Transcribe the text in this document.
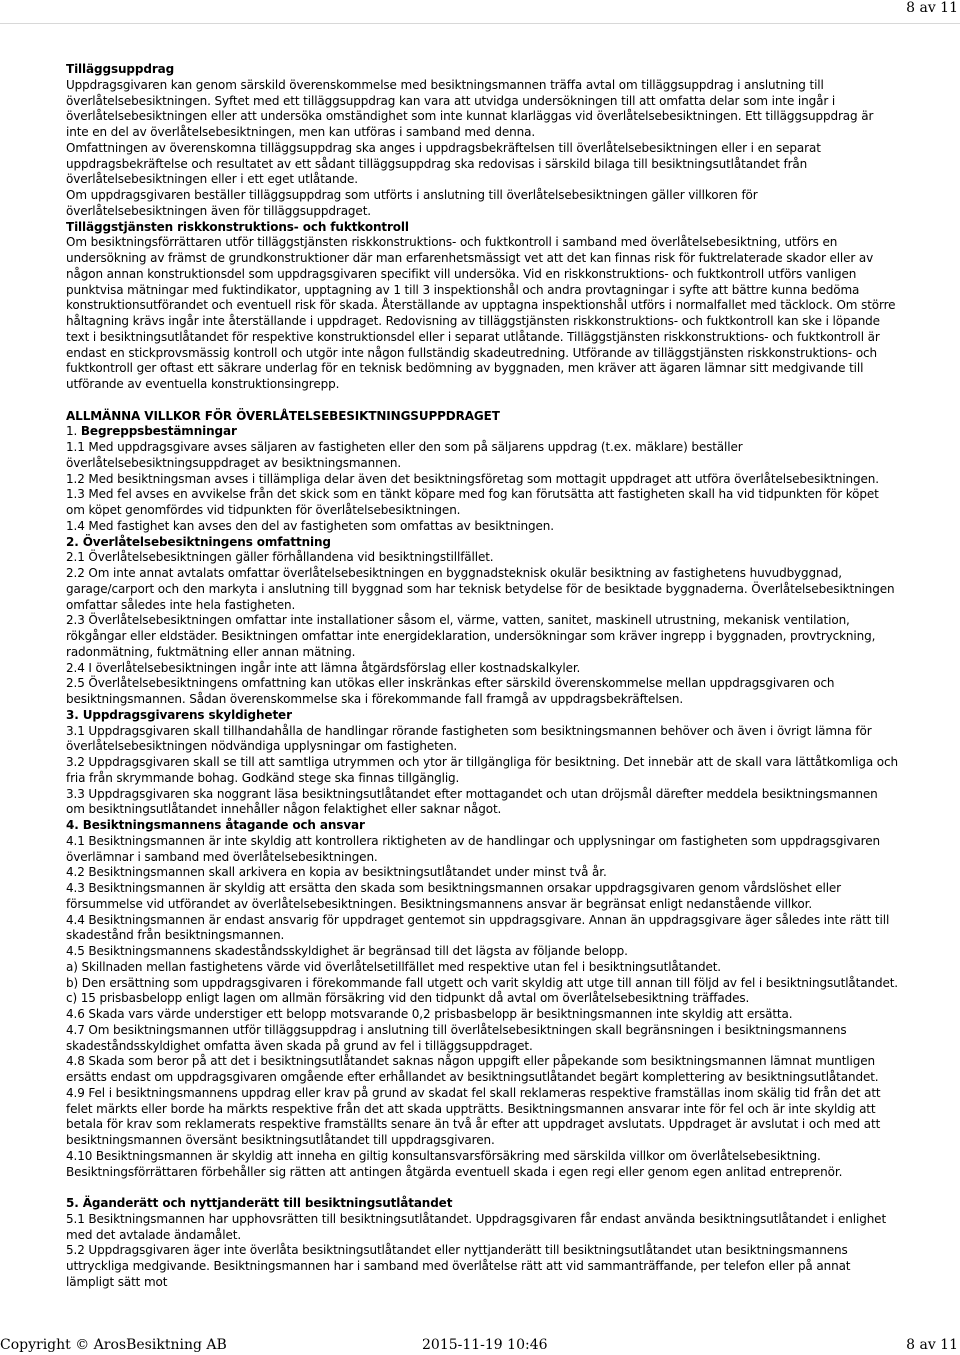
8 av 11

Tilläggsuppdrag

Uppdragsgivaren kan genom särskild överenskommelse med besiktningsmannen träffa avtal om tilläggsuppdrag i anslutning till överlåtelsebesiktningen. Syftet med ett tilläggsuppdrag kan vara att utvidga undersökningen till att omfatta delar som inte ingår i överlåtelsebesiktningen eller att undersöka omständighet som inte kunnat klarläggas vid överlåtelsebesiktningen. Ett tilläggsuppdrag är inte en del av överlåtelsebesiktningen, men kan utföras i samband med denna.

Omfattningen av överenskomna tilläggsuppdrag ska anges i uppdragsbekräftelsen till överlåtelsebesiktningen eller i en separat uppdragsbekräftelse och resultatet av ett sådant tilläggsuppdrag ska redovisas i särskild bilaga till besiktningsutlåtandet från överlåtelsebesiktningen eller i ett eget utlåtande.

Om uppdragsgivaren beställer tilläggsuppdrag som utförts i anslutning till överlåtelsebesiktningen gäller villkoren för överlåtelsebesiktningen även för tilläggsuppdraget.

Tilläggstjänsten riskkonstruktions- och fuktkontroll

Om besiktningsförrättaren utför tilläggstjänsten riskkonstruktions- och fuktkontroll i samband med överlåtelsebesiktning, utförs en undersökning av främst de grundkonstruktioner där man erfarenhetsmässigt vet att det kan finnas risk för fuktrelaterade skador eller av någon annan konstruktionsdel som uppdragsgivaren specifikt vill undersöka. Vid en riskkonstruktions- och fuktkontroll utförs vanligen punktvisa mätningar med fuktindikator, upptagning av 1 till 3 inspektionshål och andra provtagningar i syfte att bättre kunna bedöma konstruktionsutförandet och eventuell risk för skada. Återställande av upptagna inspektionshål utförs i normalfallet med täcklock. Om större håltagning krävs ingår inte återställande i uppdraget. Redovisning av tilläggstjänsten riskkonstruktions- och fuktkontroll kan ske i löpande text i besiktningsutlåtandet för respektive konstruktionsdel eller i separat utlåtande. Tilläggstjänsten riskkonstruktions- och fuktkontroll är endast en stickprovsmässig kontroll och utgör inte någon fullständig skadeutredning. Utförande av tilläggstjänsten riskkonstruktions- och fuktkontroll ger oftast ett säkrare underlag för en teknisk bedömning av byggnaden, men kräver att ägaren lämnar sitt medgivande till utförande av eventuella konstruktionsingrepp.

ALLMÄNNA VILLKOR FÖR ÖVERLÅTELSEBESIKTNINGSUPPDRAGET

1. Begreppsbestämningar

1.1 Med uppdragsgivare avses säljaren av fastigheten eller den som på säljarens uppdrag (t.ex. mäklare) beställer överlåtelsebesiktningsuppdraget av besiktningsmannen.

1.2 Med besiktningsman avses i tillämpliga delar även det besiktningsföretag som mottagit uppdraget att utföra överlåtelsebesiktningen.

1.3 Med fel avses en avvikelse från det skick som en tänkt köpare med fog kan förutsätta att fastigheten skall ha vid tidpunkten för köpet om köpet genomfördes vid tidpunkten för överlåtelsebesiktningen.

1.4 Med fastighet kan avses den del av fastigheten som omfattas av besiktningen.

2. Överlåtelsebesiktningens omfattning

2.1 Överlåtelsebesiktningen gäller förhållandena vid besiktningstillfället.

2.2 Om inte annat avtalats omfattar överlåtelsebesiktningen en byggnadsteknisk okulär besiktning av fastighetens huvudbyggnad, garage/carport och den markyta i anslutning till byggnad som har teknisk betydelse för de besiktade byggnaderna. Överlåtelsebesiktningen omfattar således inte hela fastigheten.

2.3 Överlåtelsebesiktningen omfattar inte installationer såsom el, värme, vatten, sanitet, maskinell utrustning, mekanisk ventilation, rökgångar eller eldstäder. Besiktningen omfattar inte energideklaration, undersökningar som kräver ingrepp i byggnaden, provtryckning, radonmätning, fuktmätning eller annan mätning.

2.4 I överlåtelsebesiktningen ingår inte att lämna åtgärdsförslag eller kostnadskalkyler.

2.5 Överlåtelsebesiktningens omfattning kan utökas eller inskränkas efter särskild överenskommelse mellan uppdragsgivaren och besiktningsmannen. Sådan överenskommelse ska i förekommande fall framgå av uppdragsbekräftelsen.

3. Uppdragsgivarens skyldigheter

3.1 Uppdragsgivaren skall tillhandahålla de handlingar rörande fastigheten som besiktningsmannen behöver och även i övrigt lämna för överlåtelsebesiktningen nödvändiga upplysningar om fastigheten.

3.2 Uppdragsgivaren skall se till att samtliga utrymmen och ytor är tillgängliga för besiktning. Det innebär att de skall vara lättåtkomliga och fria från skrymmande bohag. Godkänd stege ska finnas tillgänglig.

3.3 Uppdragsgivaren ska noggrant läsa besiktningsutlåtandet efter mottagandet och utan dröjsmål därefter meddela besiktningsmannen om besiktningsutlåtandet innehåller någon felaktighet eller saknar något.

4. Besiktningsmannens åtagande och ansvar

4.1 Besiktningsmannen är inte skyldig att kontrollera riktigheten av de handlingar och upplysningar om fastigheten som uppdragsgivaren överlämnar i samband med överlåtelsebesiktningen.

4.2 Besiktningsmannen skall arkivera en kopia av besiktningsutlåtandet under minst två år.

4.3 Besiktningsmannen är skyldig att ersätta den skada som besiktningsmannen orsakar uppdragsgivaren genom vårdslöshet eller försummelse vid utförandet av överlåtelsebesiktningen. Besiktningsmannens ansvar är begränsat enligt nedanstående villkor.

4.4 Besiktningsmannen är endast ansvarig för uppdraget gentemot sin uppdragsgivare. Annan än uppdragsgivare äger således inte rätt till skadestånd från besiktningsmannen.

4.5 Besiktningsmannens skadeståndsskyldighet är begränsad till det lägsta av följande belopp.

a) Skillnaden mellan fastighetens värde vid överlåtelsetillfället med respektive utan fel i besiktningsutlåtandet.

b) Den ersättning som uppdragsgivaren i förekommande fall utgett och varit skyldig att utge till annan till följd av fel i besiktningsutlåtandet.

c) 15 prisbasbelopp enligt lagen om allmän försäkring vid den tidpunkt då avtal om överlåtelsebesiktning träffades.

4.6 Skada vars värde understiger ett belopp motsvarande 0,2 prisbasbelopp är besiktningsmannen inte skyldig att ersätta.

4.7 Om besiktningsmannen utför tilläggsuppdrag i anslutning till överlåtelsebesiktningen skall begränsningen i besiktningsmannens skadeståndsskyldighet omfatta även skada på grund av fel i tilläggsuppdraget.

4.8 Skada som beror på att det i besiktningsutlåtandet saknas någon uppgift eller påpekande som besiktningsmannen lämnat muntligen ersätts endast om uppdragsgivaren omgående efter erhållandet av besiktningsutlåtandet begärt komplettering av besiktningsutlåtandet.

4.9 Fel i besiktningsmannens uppdrag eller krav på grund av skadat fel skall reklameras respektive framställas inom skälig tid från det att felet märkts eller borde ha märkts respektive från det att skada uppträtts. Besiktningsmannen ansvarar inte för fel och är inte skyldig att betala för krav som reklamerats respektive framställts senare än två år efter att uppdraget avslutats. Uppdraget är avslutat i och med att besiktningsmannen översänt besiktningsutlåtandet till uppdragsgivaren.

4.10 Besiktningsmannen är skyldig att inneha en giltig konsultansvarsförsäkring med särskilda villkor om överlåtelsebesiktning. Besiktningsförrättaren förbehåller sig rätten att antingen åtgärda eventuell skada i egen regi eller genom egen anlitad entreprenör.

5. Äganderätt och nyttjanderätt till besiktningsutlåtandet

5.1 Besiktningsmannen har upphovsrätten till besiktningsutlåtandet. Uppdragsgivaren får endast använda besiktningsutlåtandet i enlighet med det avtalade ändamålet.

5.2 Uppdragsgivaren äger inte överlåta besiktningsutlåtandet eller nyttjanderätt till besiktningsutlåtandet utan besiktningsmannens uttryckliga medgivande. Besiktningsmannen har i samband med överlåtelse rätt att vid sammanträffande, per telefon eller på annat lämpligt sätt mot

Copyright © ArosBesiktning AB	2015-11-19 10:46	8 av 11
